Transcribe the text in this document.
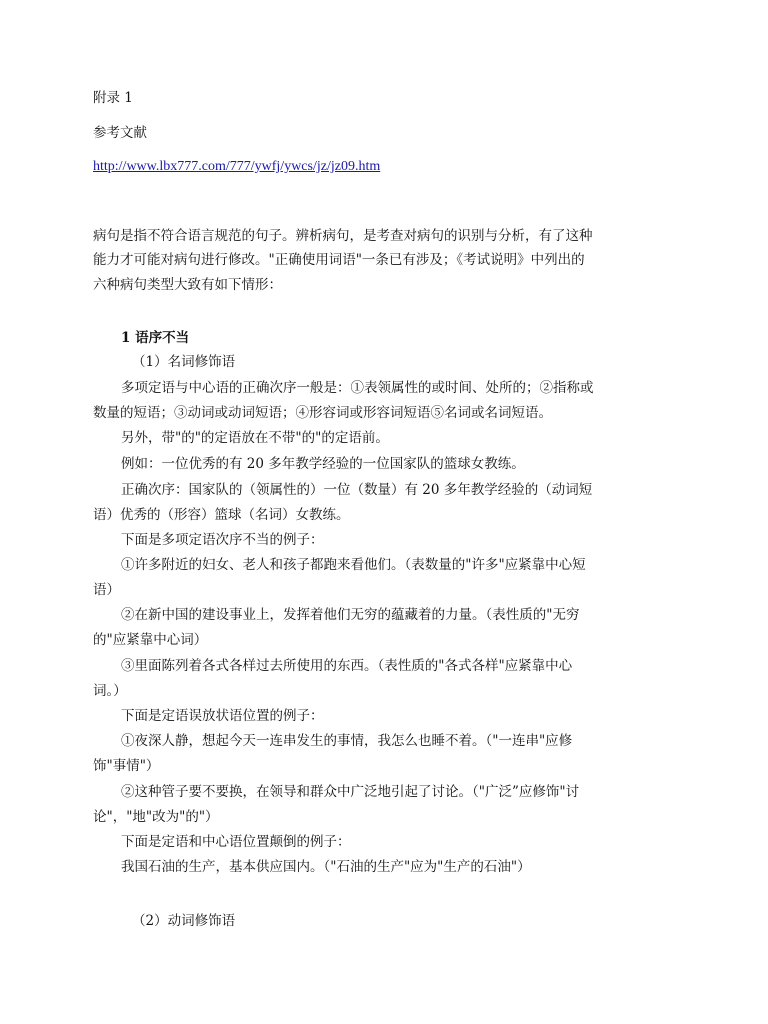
附录 1
参考文献
http://www.lbx777.com/777/ywfj/ywcs/jz/jz09.htm
病句是指不符合语言规范的句子。辨析病句，是考查对病句的识别与分析，有了这种
能力才可能对病句进行修改。"正确使用词语"一条已有涉及；《考试说明》中列出的
六种病句类型大致有如下情形：
1 语序不当
（1）名词修饰语
多项定语与中心语的正确次序一般是：①表领属性的或时间、处所的；②指称或
数量的短语；③动词或动词短语；④形容词或形容词短语⑤名词或名词短语。
另外，带"的"的定语放在不带"的"的定语前。
例如：一位优秀的有 20 多年教学经验的一位国家队的篮球女教练。
正确次序：国家队的（领属性的）一位（数量）有 20 多年教学经验的（动词短
语）优秀的（形容）篮球（名词）女教练。
下面是多项定语次序不当的例子：
①许多附近的妇女、老人和孩子都跑来看他们。（表数量的"许多"应紧靠中心短
语）
②在新中国的建设事业上，发挥着他们无穷的蕴藏着的力量。（表性质的"无穷
的"应紧靠中心词）
③里面陈列着各式各样过去所使用的东西。（表性质的"各式各样"应紧靠中心
词。）
下面是定语误放状语位置的例子：
①夜深人静，想起今天一连串发生的事情，我怎么也睡不着。（"一连串"应修
饰"事情"）
②这种管子要不要换，在领导和群众中广泛地引起了讨论。（"广泛”应修饰"讨
论"，"地"改为"的"）
下面是定语和中心语位置颠倒的例子：
我国石油的生产，基本供应国内。（"石油的生产"应为"生产的石油"）
（2）动词修饰语
